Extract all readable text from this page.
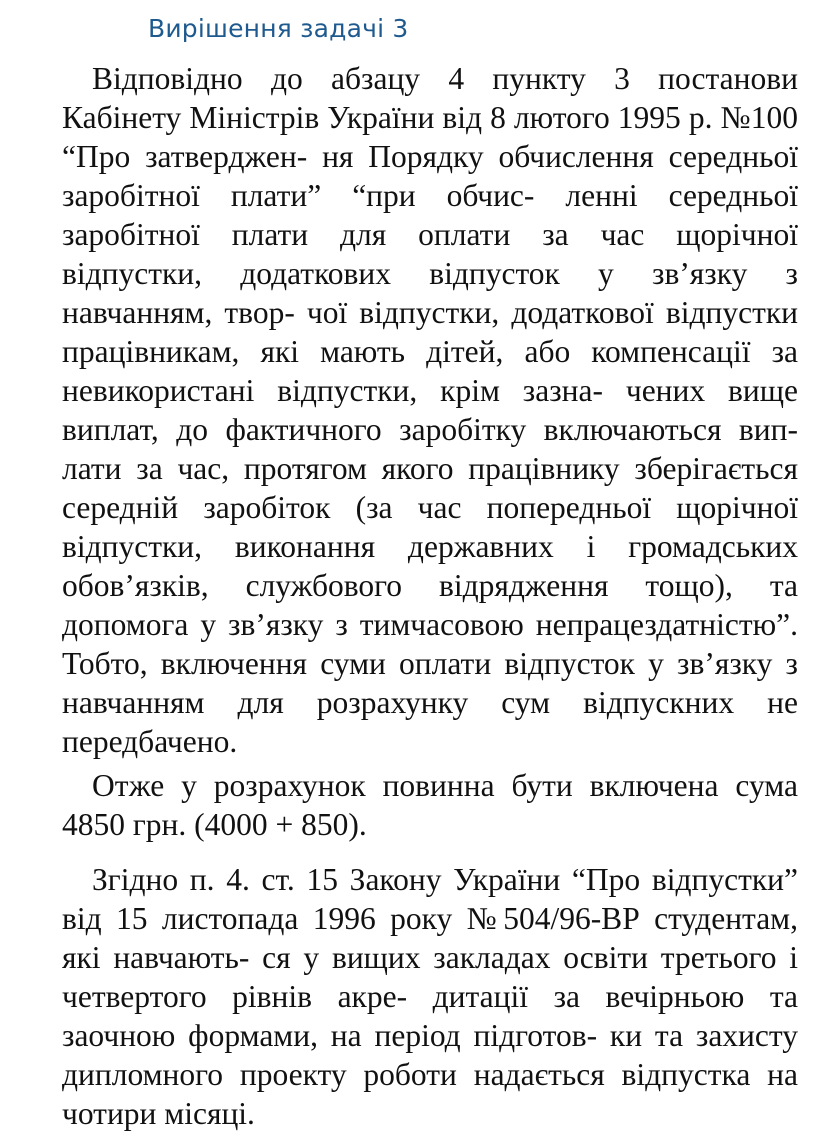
Вирішення задачі 3

Відповідно до абзацу 4 пункту 3 постанови Кабінету Міністрів України від 8 лютого 1995 р. №100 “Про затверджен- ня Порядку обчислення середньої заробітної плати” “при обчис- ленні середньої заробітної плати для оплати за час щорічної відпустки, додаткових відпусток у зв’язку з навчанням, твор- чої відпустки, додаткової відпустки працівникам, які мають дітей, або компенсації за невикористані відпустки, крім зазна- чених вище виплат, до фактичного заробітку включаються вип- лати за час, протягом якого працівнику зберігається середній заробіток (за час попередньої щорічної відпустки, виконання державних і громадських обов’язків, службового відрядження тощо), та допомога у зв’язку з тимчасовою непрацездатністю”. Тобто, включення суми оплати відпусток у зв’язку з навчанням для розрахунку сум відпускних не передбачено.

Отже у розрахунок повинна бути включена сума 4850 грн. (4000 + 850).

Згідно п. 4. ст. 15 Закону України “Про відпустки” від 15 листопада 1996 року №504/96-ВР студентам, які навчають- ся у вищих закладах освіти третього і четвертого рівнів акре- дитації за вечірньою та заочною формами, на період підготов- ки та захисту дипломного проекту роботи надається відпустка на чотири місяці.
